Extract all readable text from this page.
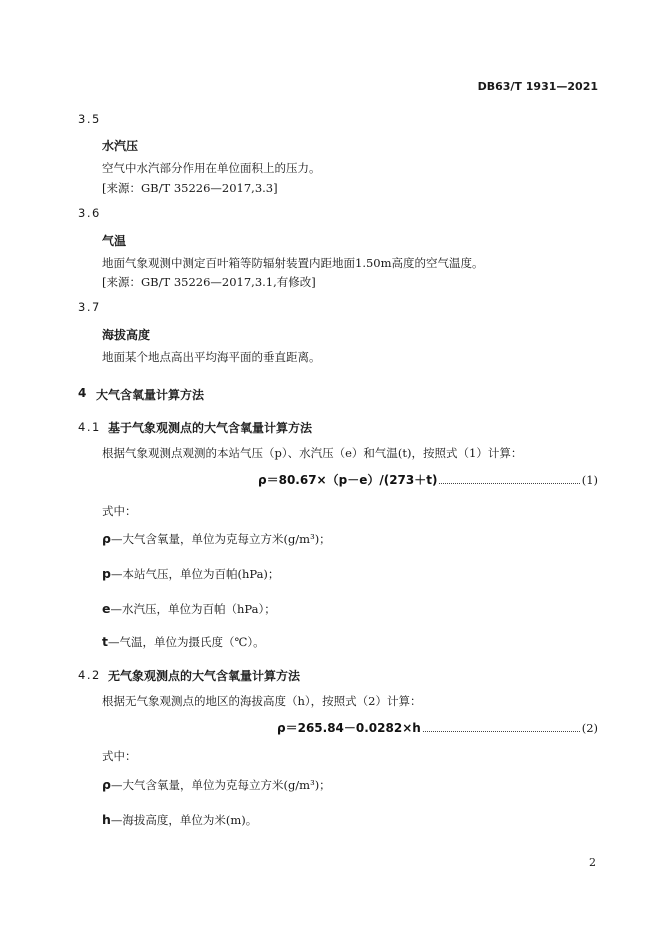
DB63/T 1931—2021
3.5
水汽压
空气中水汽部分作用在单位面积上的压力。
[来源：GB/T 35226—2017,3.3]
3.6
气温
地面气象观测中测定百叶箱等防辐射装置内距地面1.50m高度的空气温度。
[来源：GB/T 35226—2017,3.1,有修改]
3.7
海拔高度
地面某个地点高出平均海平面的垂直距离。
4 大气含氧量计算方法
4.1 基于气象观测点的大气含氧量计算方法
根据气象观测点观测的本站气压（p）、水汽压（e）和气温(t)，按照式（1）计算：
ρ＝80.67×（p－e）/(273＋t)	(1)
式中：
ρ—大气含氧量，单位为克每立方米(g/m³)；
p—本站气压，单位为百帕(hPa)；
e—水汽压，单位为百帕（hPa）；
t—气温，单位为摄氏度（℃）。
4.2 无气象观测点的大气含氧量计算方法
根据无气象观测点的地区的海拔高度（h），按照式（2）计算：
ρ＝265.84－0.0282×h	(2)
式中：
ρ—大气含氧量，单位为克每立方米(g/m³)；
h—海拔高度，单位为米(m)。
2
